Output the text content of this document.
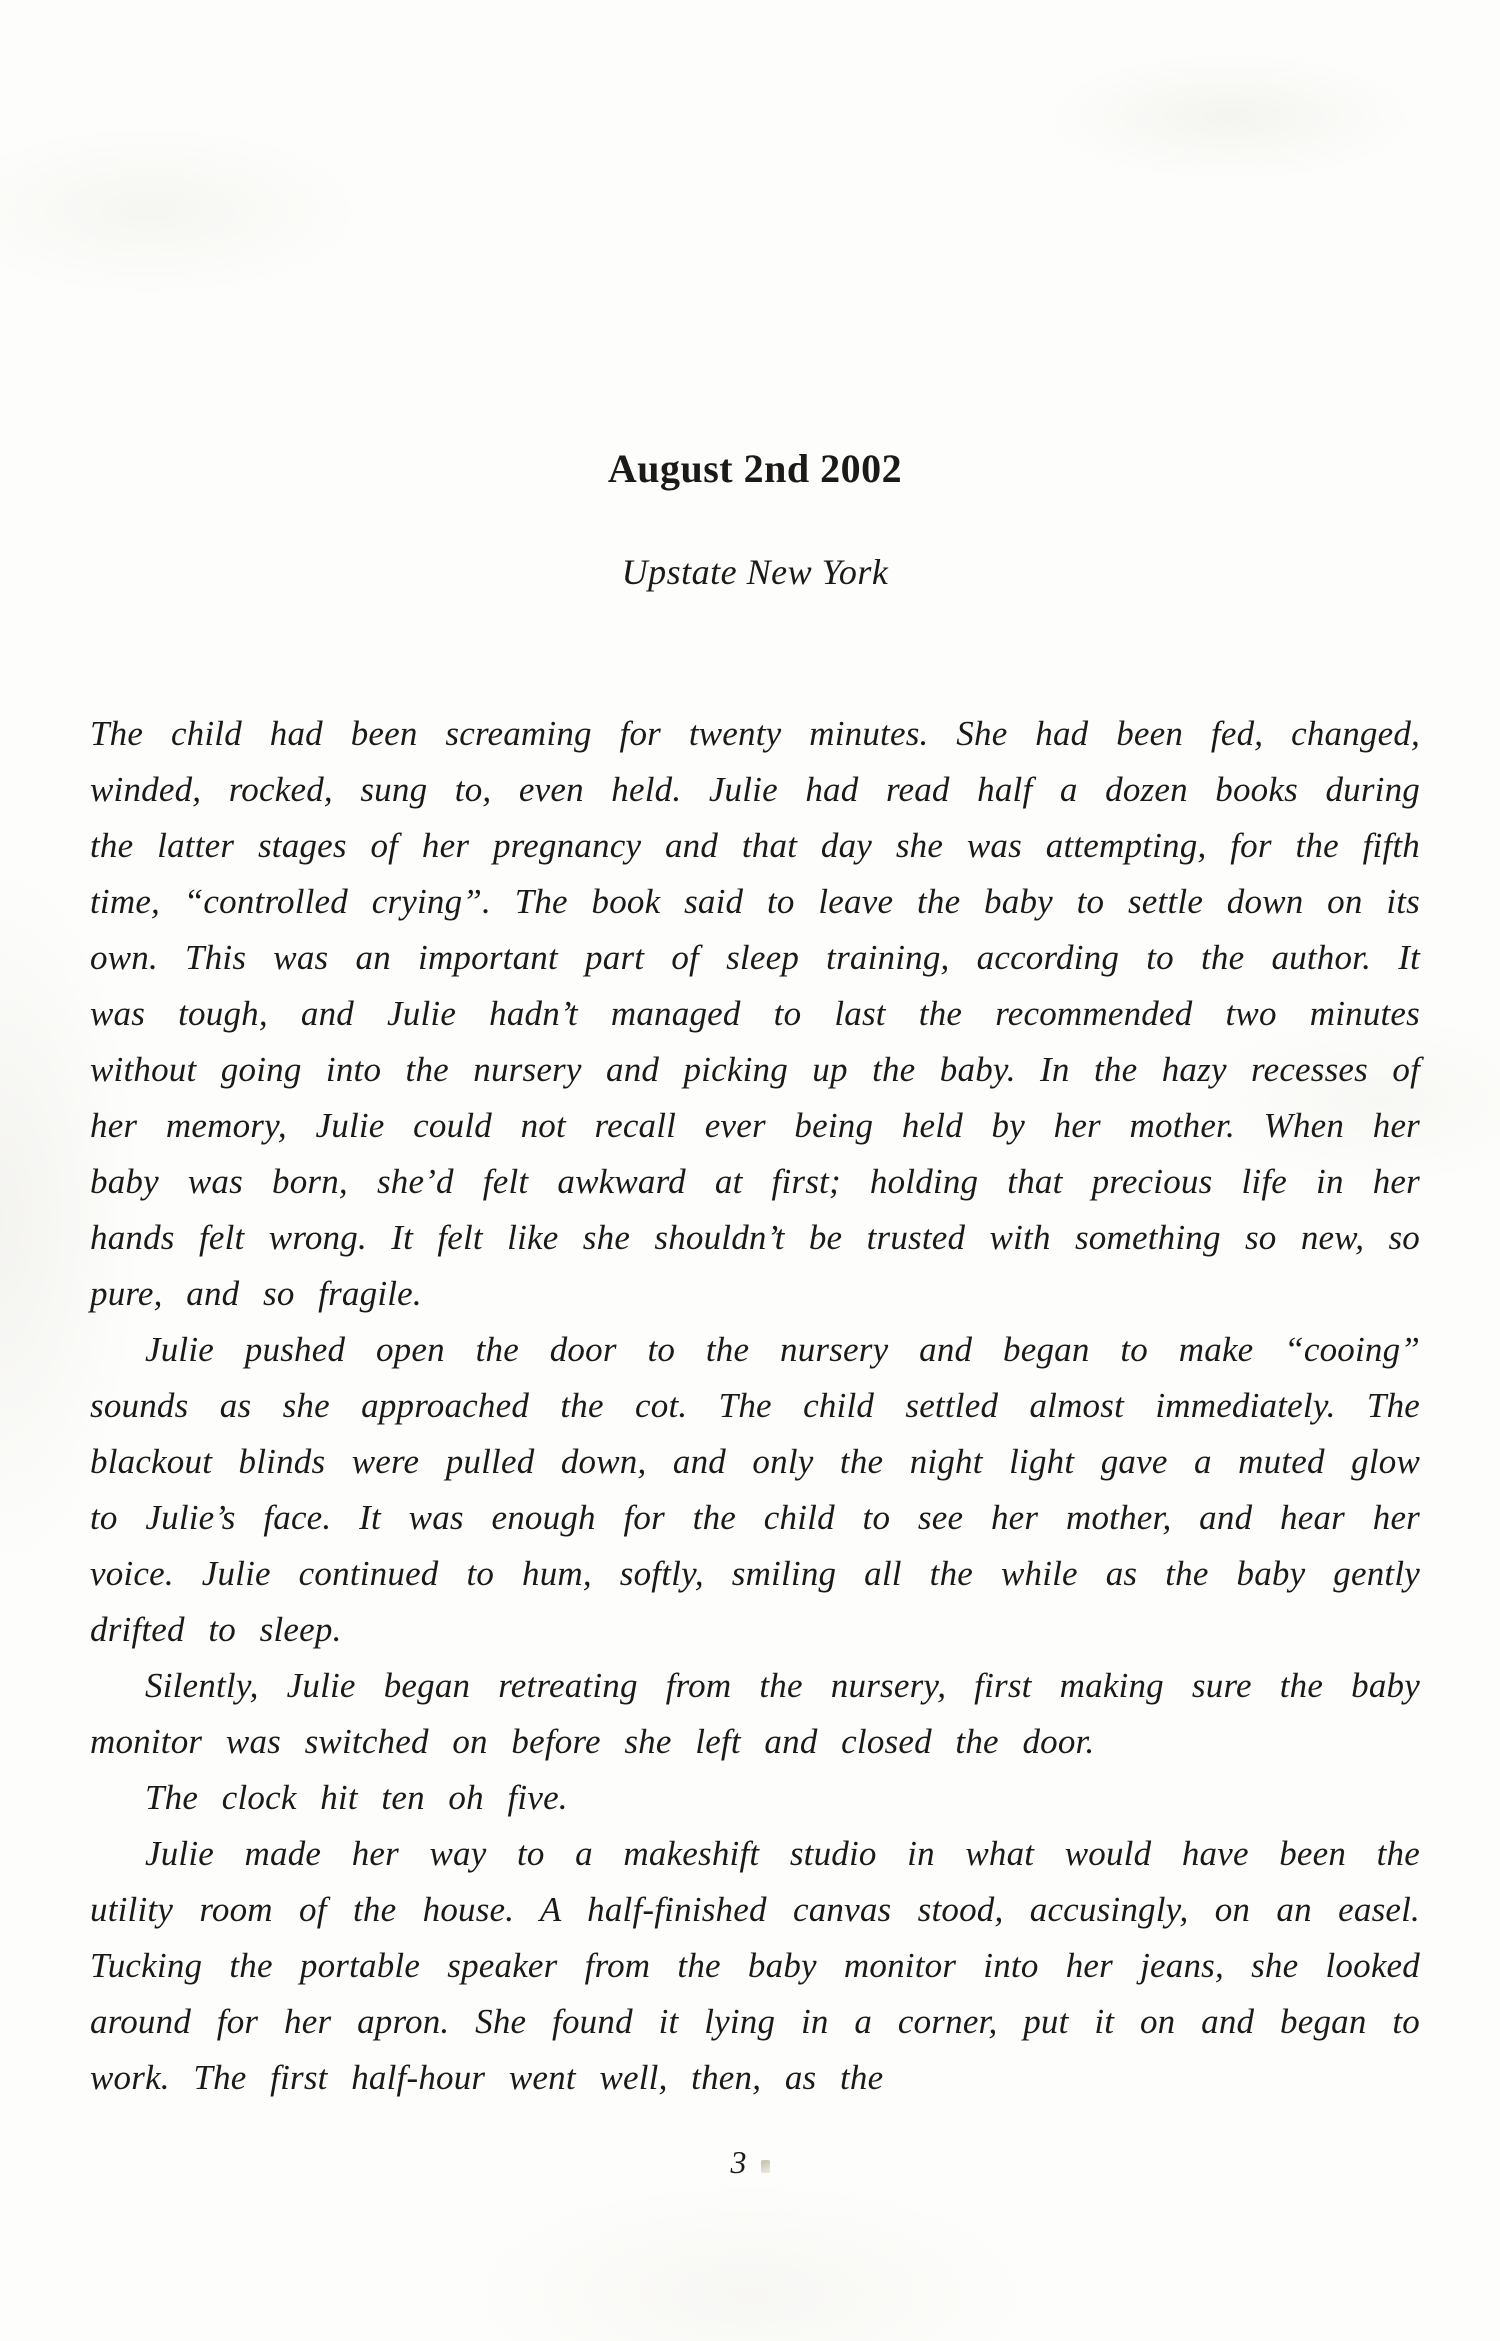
August 2nd 2002
Upstate New York

The child had been screaming for twenty minutes. She had been fed, changed, winded, rocked, sung to, even held. Julie had read half a dozen books during the latter stages of her pregnancy and that day she was attempting, for the fifth time, “controlled crying”. The book said to leave the baby to settle down on its own. This was an important part of sleep training, according to the author. It was tough, and Julie hadn’t managed to last the recommended two minutes without going into the nursery and picking up the baby. In the hazy recesses of her memory, Julie could not recall ever being held by her mother. When her baby was born, she’d felt awkward at first; holding that precious life in her hands felt wrong. It felt like she shouldn’t be trusted with something so new, so pure, and so fragile.

Julie pushed open the door to the nursery and began to make “cooing” sounds as she approached the cot. The child settled almost immediately. The blackout blinds were pulled down, and only the night light gave a muted glow to Julie’s face. It was enough for the child to see her mother, and hear her voice. Julie continued to hum, softly, smiling all the while as the baby gently drifted to sleep.

Silently, Julie began retreating from the nursery, first making sure the baby monitor was switched on before she left and closed the door.

The clock hit ten oh five.

Julie made her way to a makeshift studio in what would have been the utility room of the house. A half-finished canvas stood, accusingly, on an easel. Tucking the portable speaker from the baby monitor into her jeans, she looked around for her apron. She found it lying in a corner, put it on and began to work. The first half-hour went well, then, as the

3
